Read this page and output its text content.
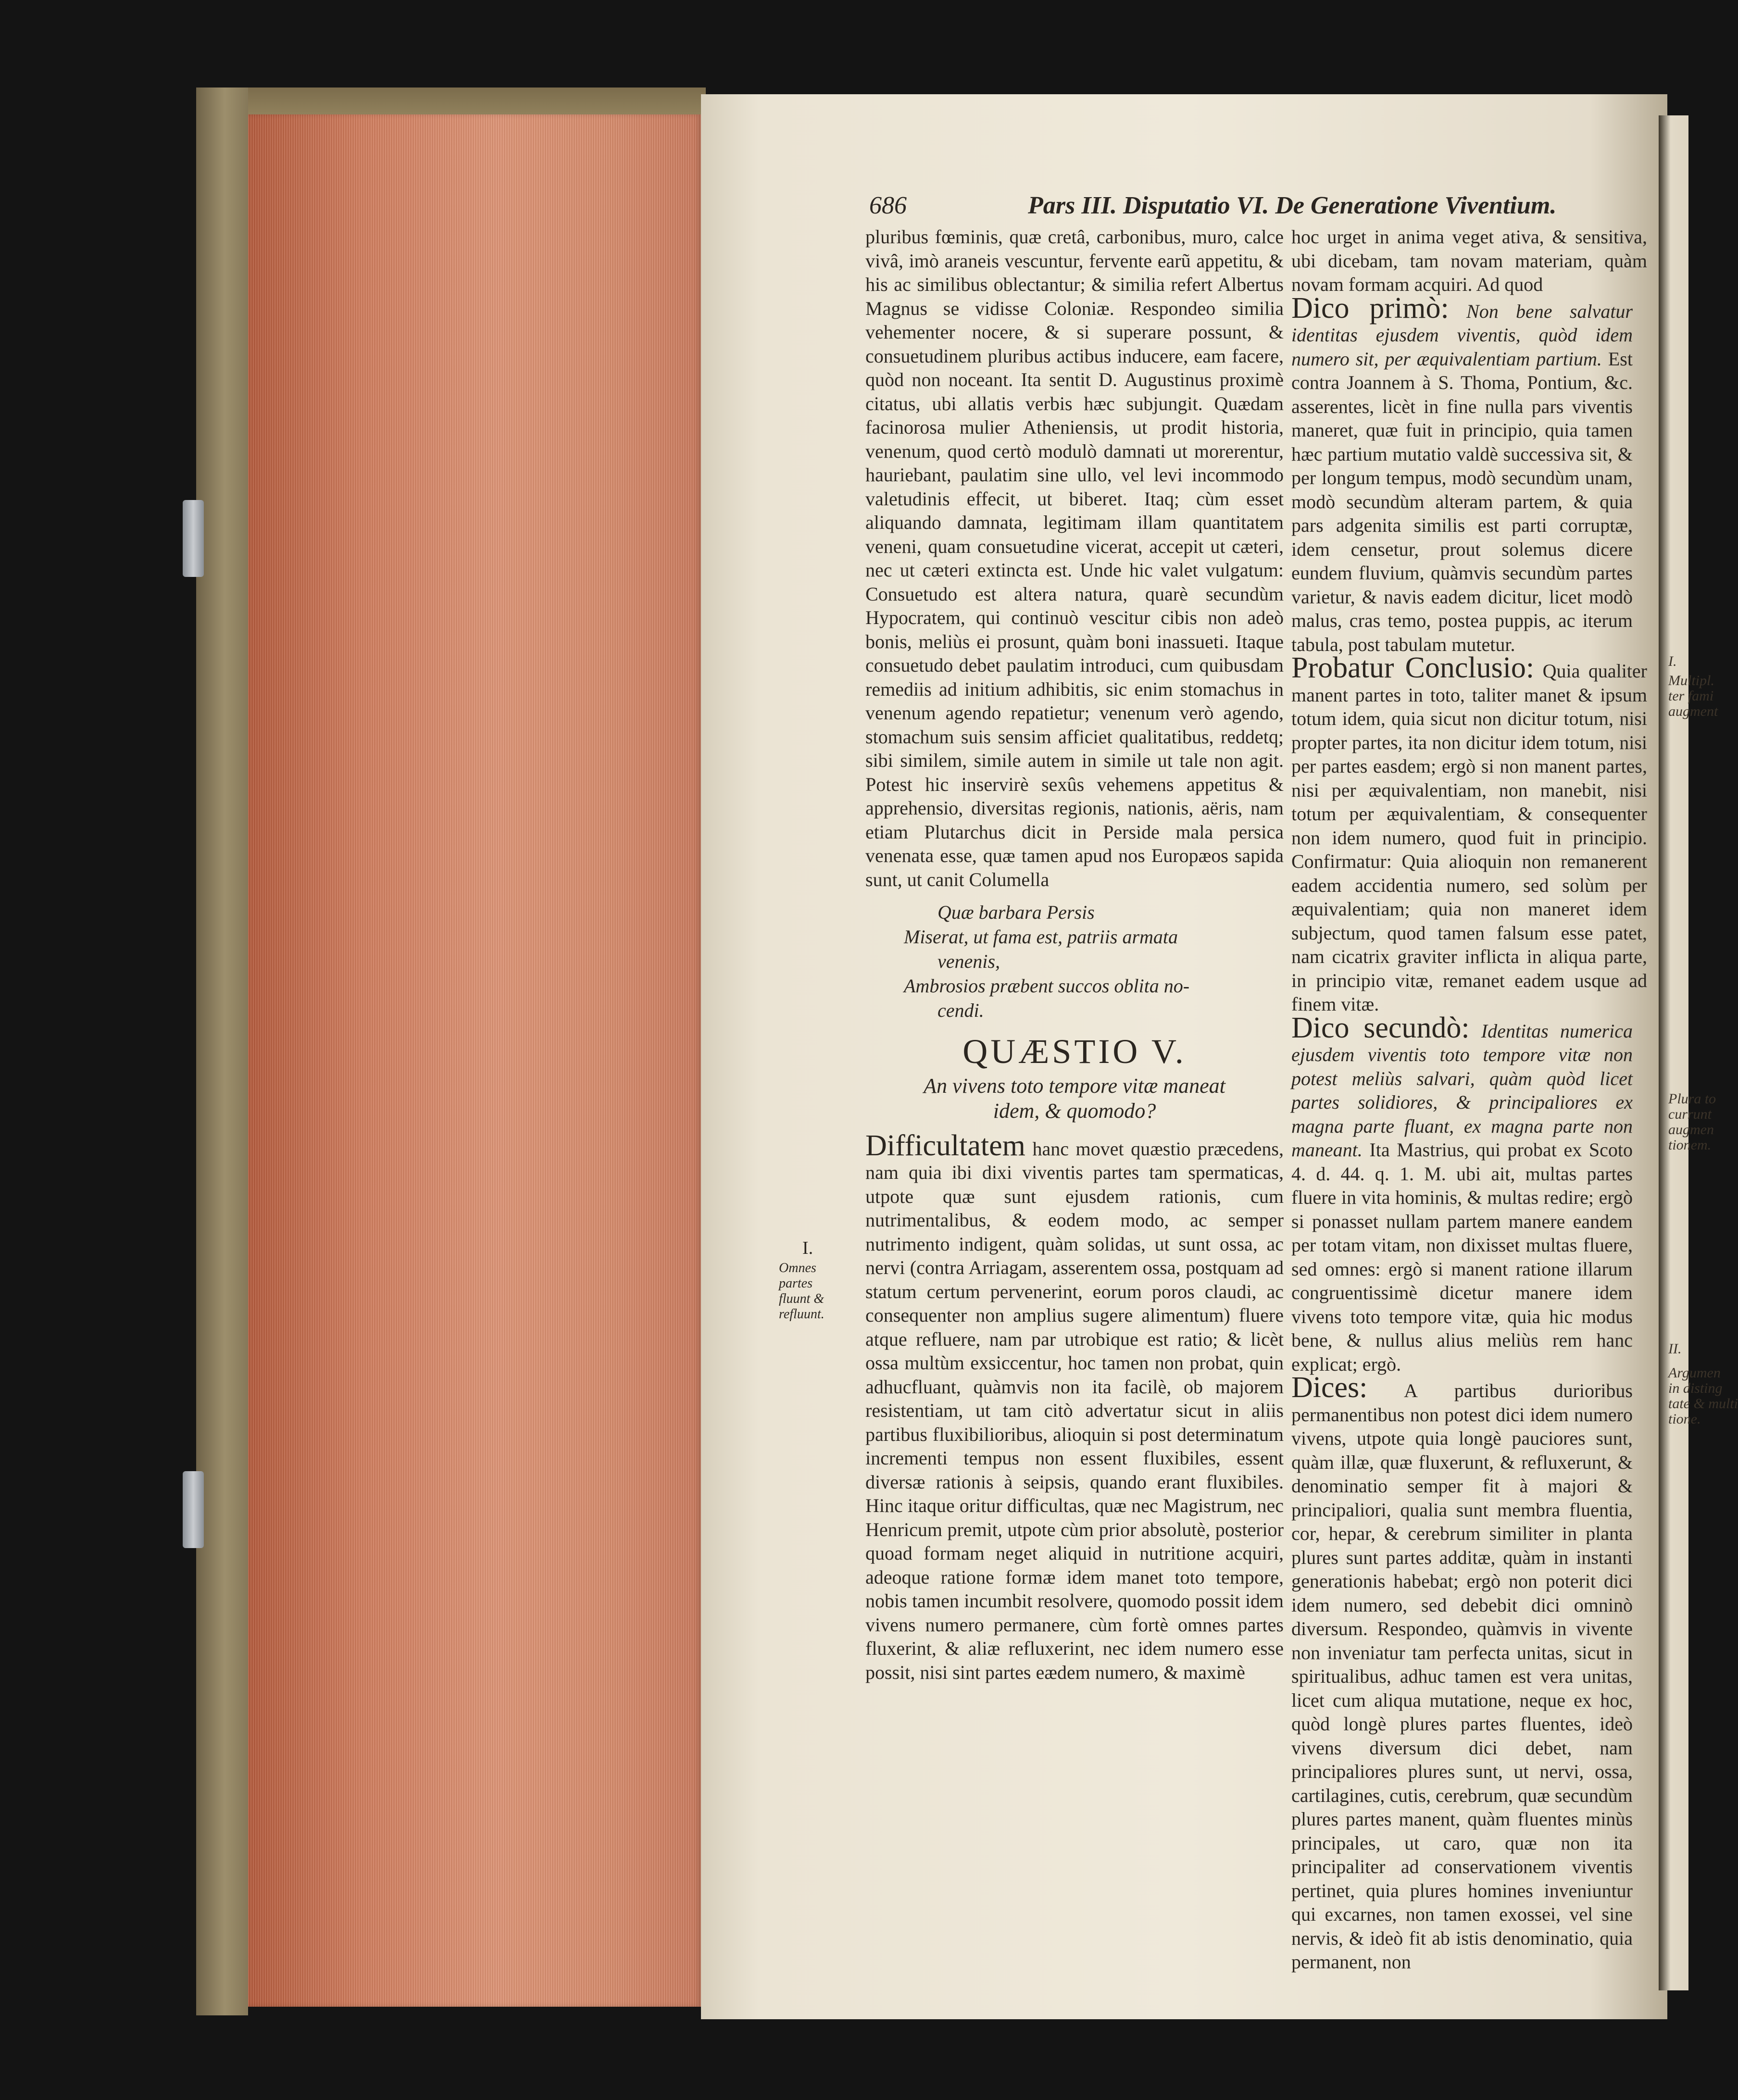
686	Pars III. Disputatio VI. De Generatione Viventium.

pluribus fœminis, quæ cretâ, carbonibus, muro, calce vivâ, imò araneis vescuntur, fervente earũ appetitu, & his ac similibus oblectantur; & similia refert Albertus Magnus se vidisse Coloniæ. Respondeo similia vehementer nocere, & si superare possunt, & consuetudinem pluribus actibus inducere, eam facere, quòd non noceant. Ita sentit D. Augustinus proximè citatus, ubi allatis verbis hæc subjungit. Quædam facinorosa mulier Atheniensis, ut prodit historia, venenum, quod certò modulò damnati ut morerentur, hauriebant, paulatim sine ullo, vel levi incommodo valetudinis effecit, ut biberet. Itaq; cùm esset aliquando damnata, legitimam illam quantitatem veneni, quam consuetudine vicerat, accepit ut cæteri, nec ut cæteri extincta est. Unde hic valet vulgatum: Consuetudo est altera natura, quarè secundùm Hypocratem, qui continuò vescitur cibis non adeò bonis, meliùs ei prosunt, quàm boni inassueti. Itaque consuetudo debet paulatim introduci, cum quibusdam remediis ad initium adhibitis, sic enim stomachus in venenum agendo repatietur; venenum verò agendo, stomachum suis sensim afficiet qualitatibus, reddetq; sibi similem, simile autem in simile ut tale non agit. Potest hic inservirè sexûs vehemens appetitus & apprehensio, diversitas regionis, nationis, aëris, nam etiam Plutarchus dicit in Perside mala persica venenata esse, quæ tamen apud nos Europæos sapida sunt, ut canit Columella

Quæ barbara Persis
Miserat, ut fama est, patriis armata
venenis,
Ambrosios præbent succos oblita no-
cendi.
QUÆSTIO V.
An vivens toto tempore vitæ maneat
idem, & quomodo?

Difficultatem hanc movet quæstio præcedens, nam quia ibi dixi viventis partes tam spermaticas, utpote quæ sunt ejusdem rationis, cum nutrimentalibus, & eodem modo, ac semper nutrimento indigent, quàm solidas, ut sunt ossa, ac nervi (contra Arriagam, asserentem ossa, postquam ad statum certum pervenerint, eorum poros claudi, ac consequenter non amplius sugere alimentum) fluere atque refluere, nam par utrobique est ratio; & licèt ossa multùm exsiccentur, hoc tamen non probat, quin adhucfluant, quàmvis non ita facilè, ob majorem resistentiam, ut tam citò advertatur sicut in aliis partibus fluxibilioribus, alioquin si post determinatum incrementi tempus non essent fluxibiles, essent diversæ rationis à seipsis, quando erant fluxibiles. Hinc itaque oritur difficultas, quæ nec Magistrum, nec Henricum premit, utpote cùm prior absolutè, posterior quoad formam neget aliquid in nutritione acquiri, adeoque ratione formæ idem manet toto tempore, nobis tamen incumbit resolvere, quomodo possit idem vivens numero permanere, cùm fortè omnes partes fluxerint, & aliæ refluxerint, nec idem numero esse possit, nisi sint partes eædem numero, & maximè

I.
Omnes partes fluunt & refluunt.

hoc urget in anima veget ativa, & sensitiva, ubi dicebam, tam novam materiam, quàm novam formam acquiri. Ad quod

Dico primò: Non bene salvatur identitas ejusdem viventis, quòd idem numero sit, per æquivalentiam partium. Est contra Joannem à S. Thoma, Pontium, &c. asserentes, licèt in fine nulla pars viventis maneret, quæ fuit in principio, quia tamen hæc partium mutatio valdè successiva sit, & per longum tempus, modò secundùm unam, modò secundùm alteram partem, & quia pars adgenita similis est parti corruptæ, idem censetur, prout solemus dicere eundem fluvium, quàmvis secundùm partes varietur, & navis eadem dicitur, licet modò malus, cras temo, postea puppis, ac iterum tabula, post tabulam mutetur.

Probatur Conclusio: Quia qualiter manent partes in toto, taliter manet & ipsum totum idem, quia sicut non dicitur totum, nisi propter partes, ita non dicitur idem totum, nisi per partes easdem; ergò si non manent partes, nisi per æquivalentiam, non manebit, nisi totum per æquivalentiam, & consequenter non idem numero, quod fuit in principio. Confirmatur: Quia alioquin non remanerent eadem accidentia numero, sed solùm per æquivalentiam; quia non maneret idem subjectum, quod tamen falsum esse patet, nam cicatrix graviter inflicta in aliqua parte, in principio vitæ, remanet eadem usque ad finem vitæ.

Dico secundò: Identitas numerica ejusdem viventis toto tempore vitæ non potest meliùs salvari, quàm quòd licet partes solidiores, & principaliores ex magna parte fluant, ex magna parte non maneant. Ita Mastrius, qui probat ex Scoto 4. d. 44. q. 1. M. ubi ait, multas partes fluere in vita hominis, & multas redire; ergò si ponasset nullam partem manere eandem per totam vitam, non dixisset multas fluere, sed omnes: ergò si manent ratione illarum congruentissimè dicetur manere idem vivens toto tempore vitæ, quia hic modus bene, & nullus alius meliùs rem hanc explicat; ergò.

Dices: A partibus durioribus permanentibus non potest dici idem numero vivens, utpote quia longè pauciores sunt, quàm illæ, quæ fluxerunt, & refluxerunt, & denominatio semper fit à majori & principaliori, qualia sunt membra fluentia, cor, hepar, & cerebrum similiter in planta plures sunt partes additæ, quàm in instanti generationis habebat; ergò non poterit dici idem numero, sed debebit dici omninò diversum. Respondeo, quàmvis in vivente non inveniatur tam perfecta unitas, sicut in spiritualibus, adhuc tamen est vera unitas, licet cum aliqua mutatione, neque ex hoc, quòd longè plures partes fluentes, ideò vivens diversum dici debet, nam principaliores plures sunt, ut nervi, ossa, cartilagines, cutis, cerebrum, quæ secundùm plures partes manent, quàm fluentes minùs principales, ut caro, quæ non ita principaliter ad conservationem viventis pertinet, quia plures homines inveniuntur qui excarnes, non tamen exossei, vel sine nervis, & ideò fit ab istis denominatio, quia permanent, non

I.
Multipl.
ter fami
augment
Plura to
currunt
augmen
tionem.
II.
Argumen
in disting
tate & multi
tione.
